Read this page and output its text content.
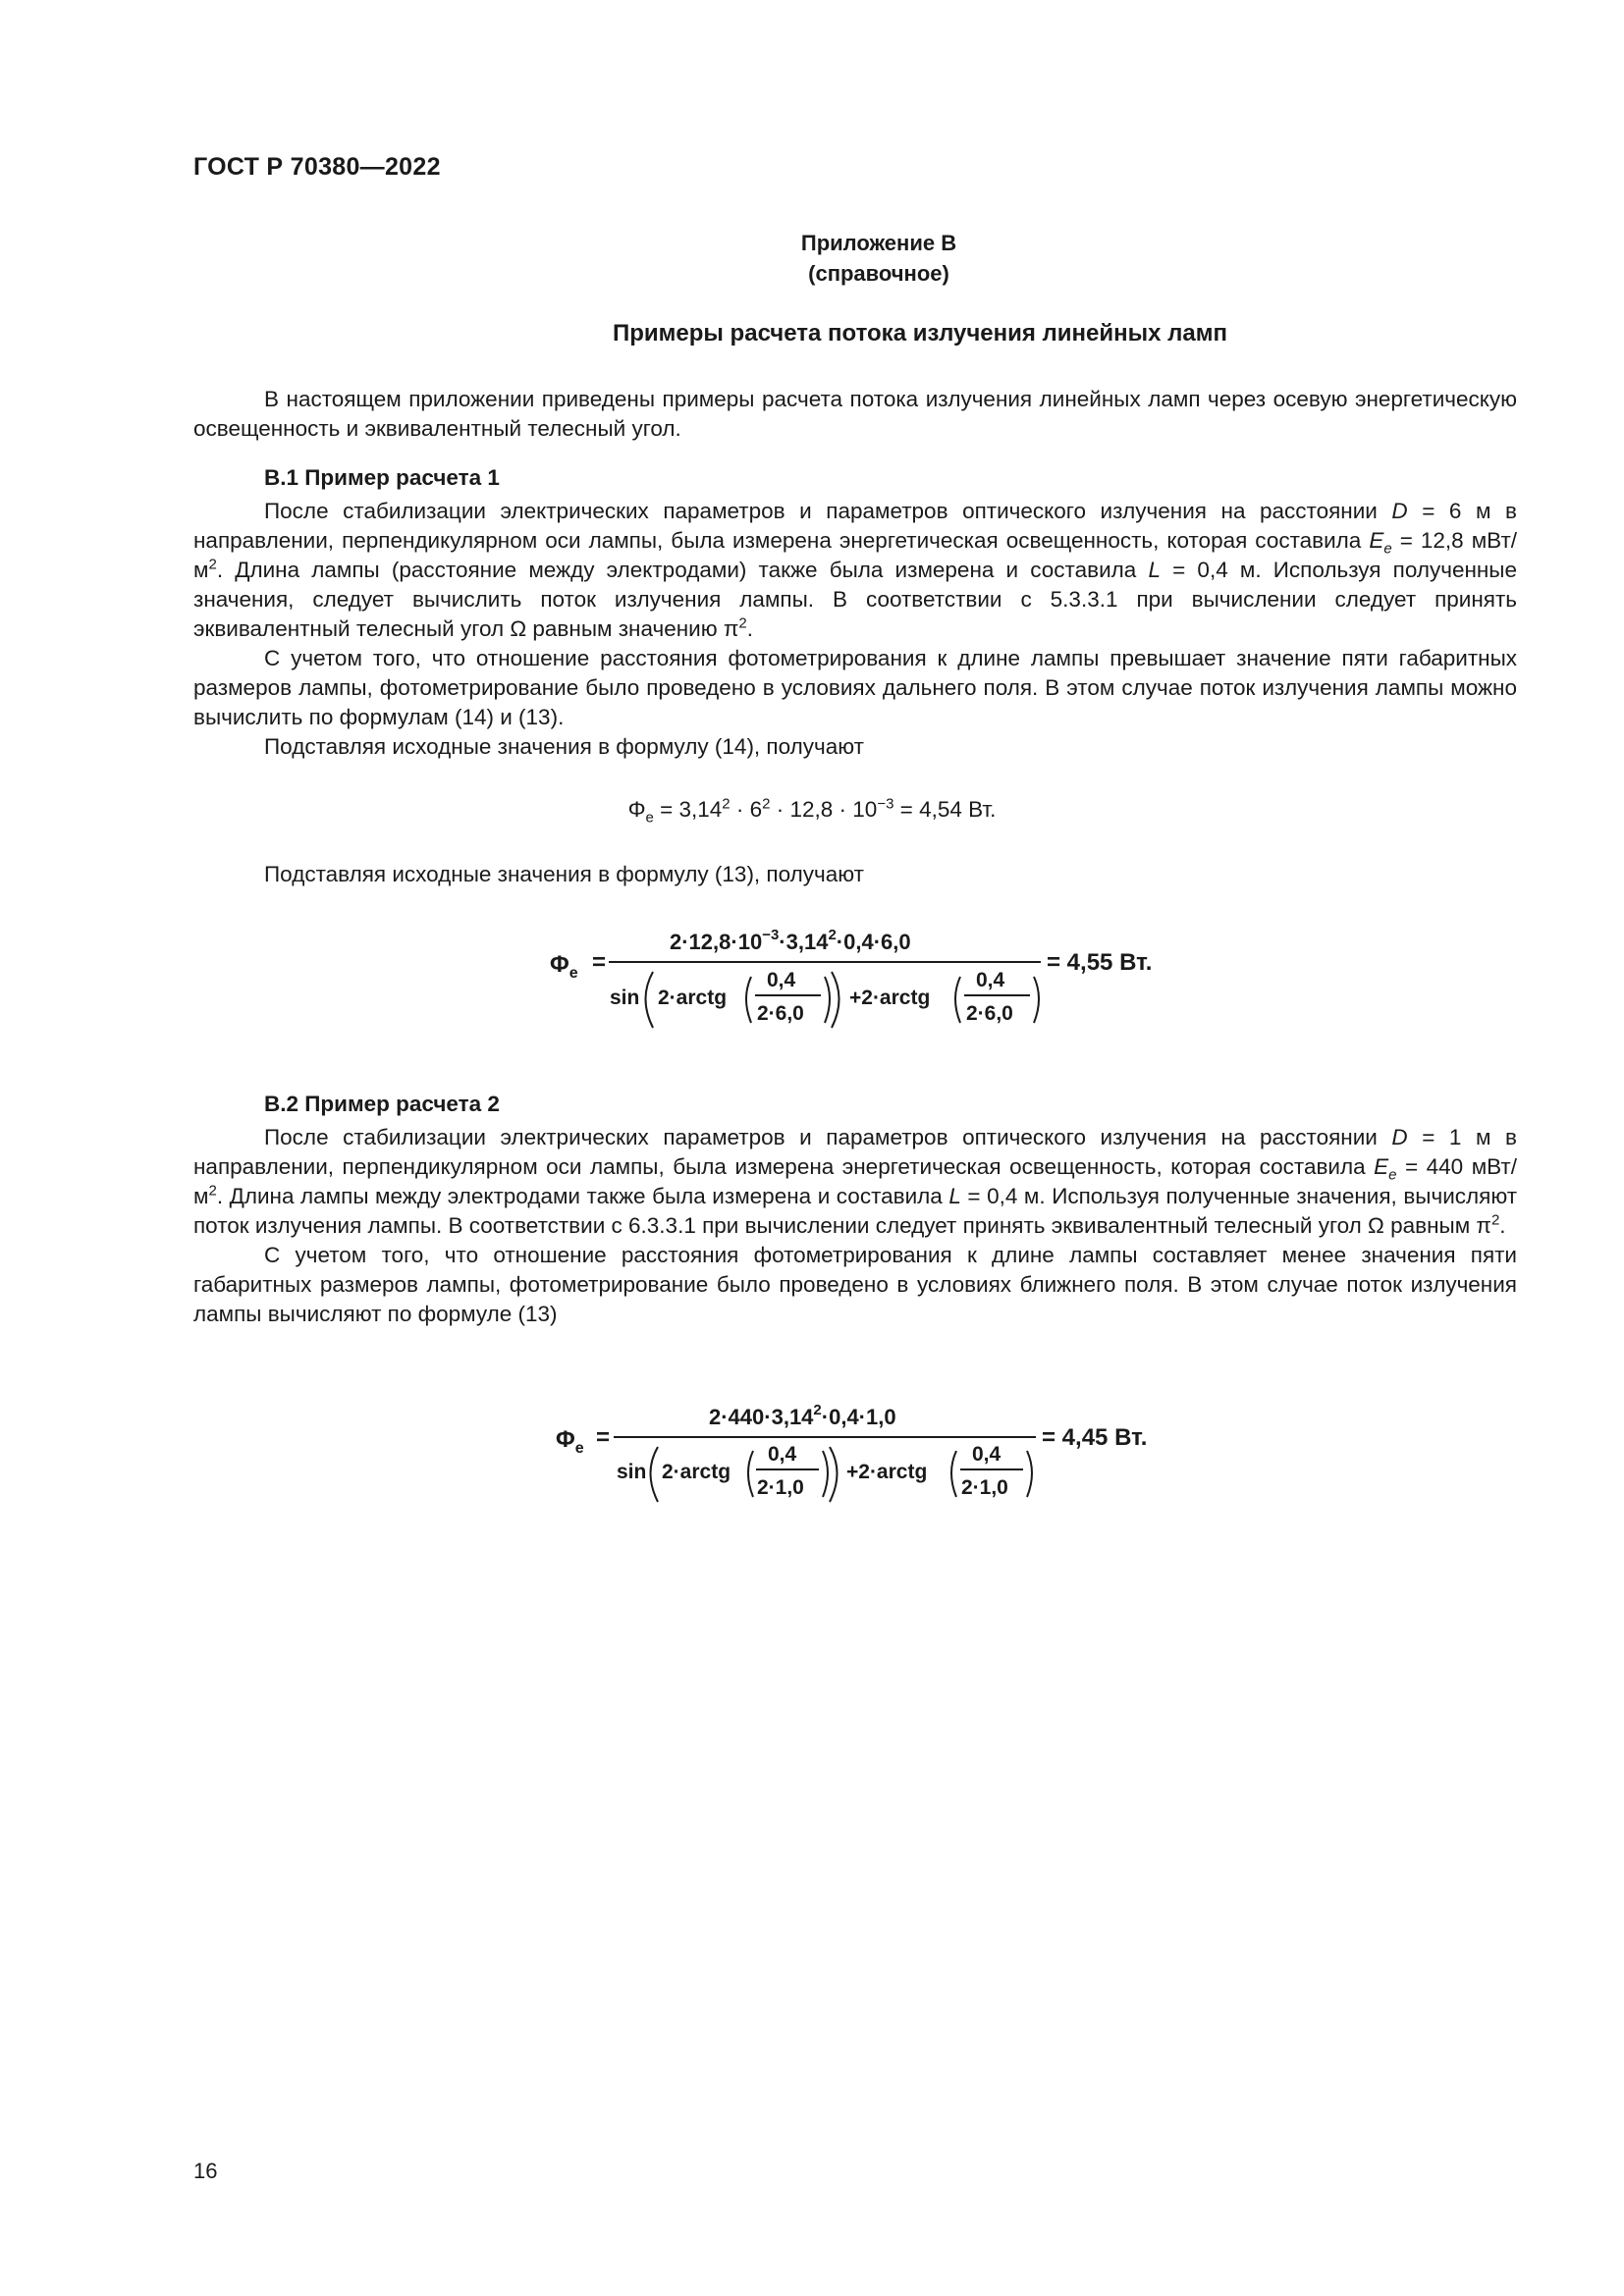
ГОСТ Р 70380—2022
Приложение В
(справочное)
Примеры расчета потока излучения линейных ламп

В настоящем приложении приведены примеры расчета потока излучения линейных ламп через осевую энергетическую освещенность и эквивалентный телесный угол.

В.1 Пример расчета 1

После стабилизации электрических параметров и параметров оптического излучения на расстоянии D = 6 м в направлении, перпендикулярном оси лампы, была измерена энергетическая освещенность, которая составила $E_e = 12,8$ мВт/$м^2$. Длина лампы (расстояние между электродами) также была измерена и составила L = 0,4 м. Используя полученные значения, следует вычислить поток излучения лампы. В соответствии с 5.3.3.1 при вычислении следует принять эквивалентный телесный угол Ω равным значению $\pi^2$.

С учетом того, что отношение расстояния фотометрирования к длине лампы превышает значение пяти габаритных размеров лампы, фотометрирование было проведено в условиях дальнего поля. В этом случае поток излучения лампы можно вычислить по формулам (14) и (13).

Подставляя исходные значения в формулу (14), получают

$\Phi_e = 3,14^2 \cdot 6^2 \cdot 12,8 \cdot 10^{-3} = 4,54$ Вт.

Подставляя исходные значения в формулу (13), получают

$\Phi_e$ =
$2\cdot 12,8\cdot 10^{-3}\cdot 3,14^2\cdot 0,4\cdot 6,0$
sin 2·arctg
0,4
2·6,0
+2·arctg
0,4
2·6,0
= 4,55 Вт.
$\Phi_e$ =
$2\cdot 440\cdot 3,14^2\cdot 0,4\cdot 1,0$
sin 2·arctg
0,4
2·1,0
+2·arctg
0,4
2·1,0
= 4,45 Вт.
В.2 Пример расчета 2

После стабилизации электрических параметров и параметров оптического излучения на расстоянии D = 1 м в направлении, перпендикулярном оси лампы, была измерена энергетическая освещенность, которая составила $E_e = 440$ мВт/$м^2$. Длина лампы между электродами также была измерена и составила L = 0,4 м. Используя полученные значения, вычисляют поток излучения лампы. В соответствии с 6.3.3.1 при вычислении следует принять эквивалентный телесный угол Ω равным $\pi^2$.

С учетом того, что отношение расстояния фотометрирования к длине лампы составляет менее значения пяти габаритных размеров лампы, фотометрирование было проведено в условиях ближнего поля. В этом случае поток излучения лампы вычисляют по формуле (13)

16
